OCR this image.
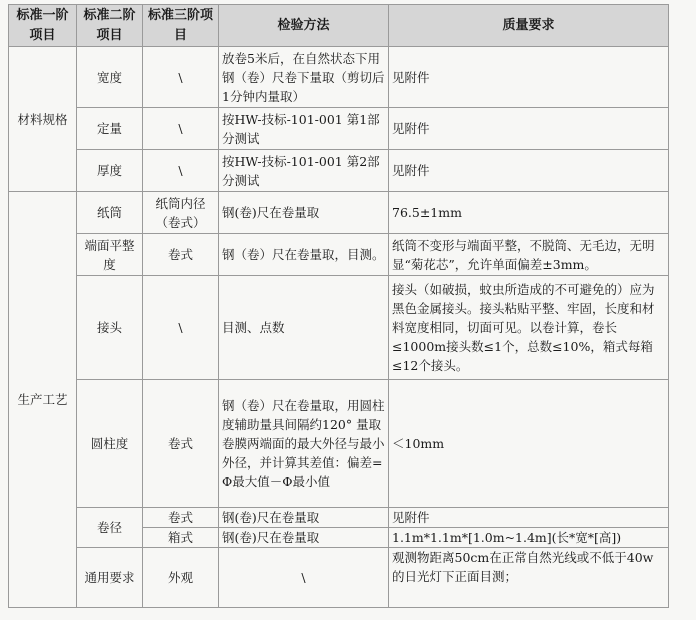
标准一阶项目	标准二阶项目	标准三阶项目	检验方法	质量要求	
材料规格	宽度	\	放卷5米后，在自然状态下用钢（卷）尺卷下量取（剪切后1分钟内量取）	见附件	
	定量	\	按HW-技标-101-001 第1部分测试	见附件	
	厚度	\	按HW-技标-101-001 第2部分测试	见附件	
生产工艺	纸筒	纸筒内径（卷式）	钢(卷)尺在卷量取	76.5±1mm	
	端面平整度	卷式	钢（卷）尺在卷量取，目测。	纸筒不变形与端面平整，不脱筒、无毛边，无明显“菊花芯”，允许单面偏差±3mm。	
	接头	\	目测、点数	接头（如破损，蚊虫所造成的不可避免的）应为黑色金属接头。接头粘贴平整、牢固，长度和材料宽度相同，切面可见。以卷计算，卷长≤1000m接头数≤1个，总数≤10%，箱式每箱≤12个接头。	
	圆柱度	卷式	钢（卷）尺在卷量取，用圆柱度辅助量具间隔约120° 量取卷膜两端面的最大外径与最小外径，并计算其差值：偏差=Φ最大值－Φ最小值	＜10mm	
	卷径	卷式	钢(卷)尺在卷量取	见附件	
		箱式	钢(卷)尺在卷量取	1.1m*1.1m*[1.0m~1.4m](长*宽*[高])	
	通用要求	外观	\	观测物距离50cm在正常自然光线或不低于40w的日光灯下正面目测；	
